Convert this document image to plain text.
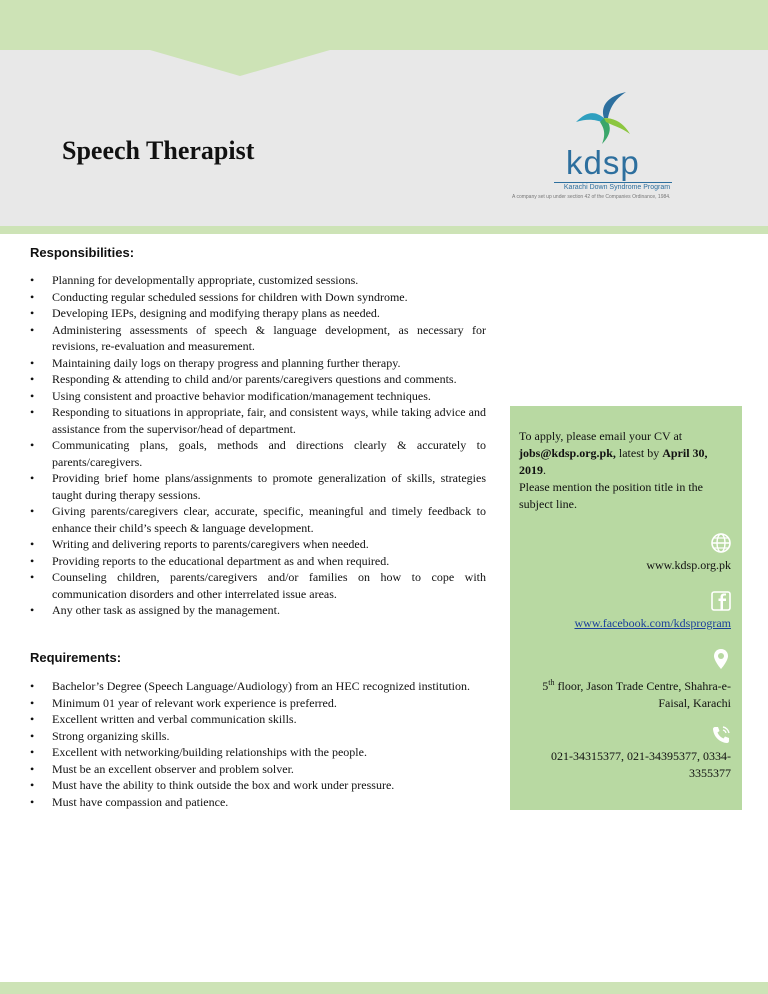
Speech Therapist	kdsp
Karachi Down Syndrome Program
A company set up under section 42 of the Companies Ordinance, 1984.
Responsibilities:
• Planning for developmentally appropriate, customized sessions.
• Conducting regular scheduled sessions for children with Down syndrome.
• Developing IEPs, designing and modifying therapy plans as needed.
• Administering assessments of speech & language development, as necessary for revisions, re-evaluation and measurement.
• Maintaining daily logs on therapy progress and planning further therapy.
• Responding & attending to child and/or parents/caregivers questions and comments.
• Using consistent and proactive behavior modification/management techniques.
• Responding to situations in appropriate, fair, and consistent ways, while taking advice and assistance from the supervisor/head of department.
• Communicating plans, goals, methods and directions clearly & accurately to parents/caregivers.
• Providing brief home plans/assignments to promote generalization of skills, strategies taught during therapy sessions.
• Giving parents/caregivers clear, accurate, specific, meaningful and timely feedback to enhance their child’s speech & language development.
• Writing and delivering reports to parents/caregivers when needed.
• Providing reports to the educational department as and when required.
• Counseling children, parents/caregivers and/or families on how to cope with communication disorders and other interrelated issue areas.
• Any other task as assigned by the management.
Requirements:
• Bachelor’s Degree (Speech Language/Audiology) from an HEC recognized institution.
• Minimum 01 year of relevant work experience is preferred.
• Excellent written and verbal communication skills.
• Strong organizing skills.
• Excellent with networking/building relationships with the people.
• Must be an excellent observer and problem solver.
• Must have the ability to think outside the box and work under pressure.
• Must have compassion and patience.
To apply, please email your CV at jobs@kdsp.org.pk, latest by April 30, 2019.
Please mention the position title in the subject line.
www.kdsp.org.pk
www.facebook.com/kdsprogram
5th floor, Jason Trade Centre, Shahra-e-Faisal, Karachi
021-34315377, 021-34395377, 0334-3355377
